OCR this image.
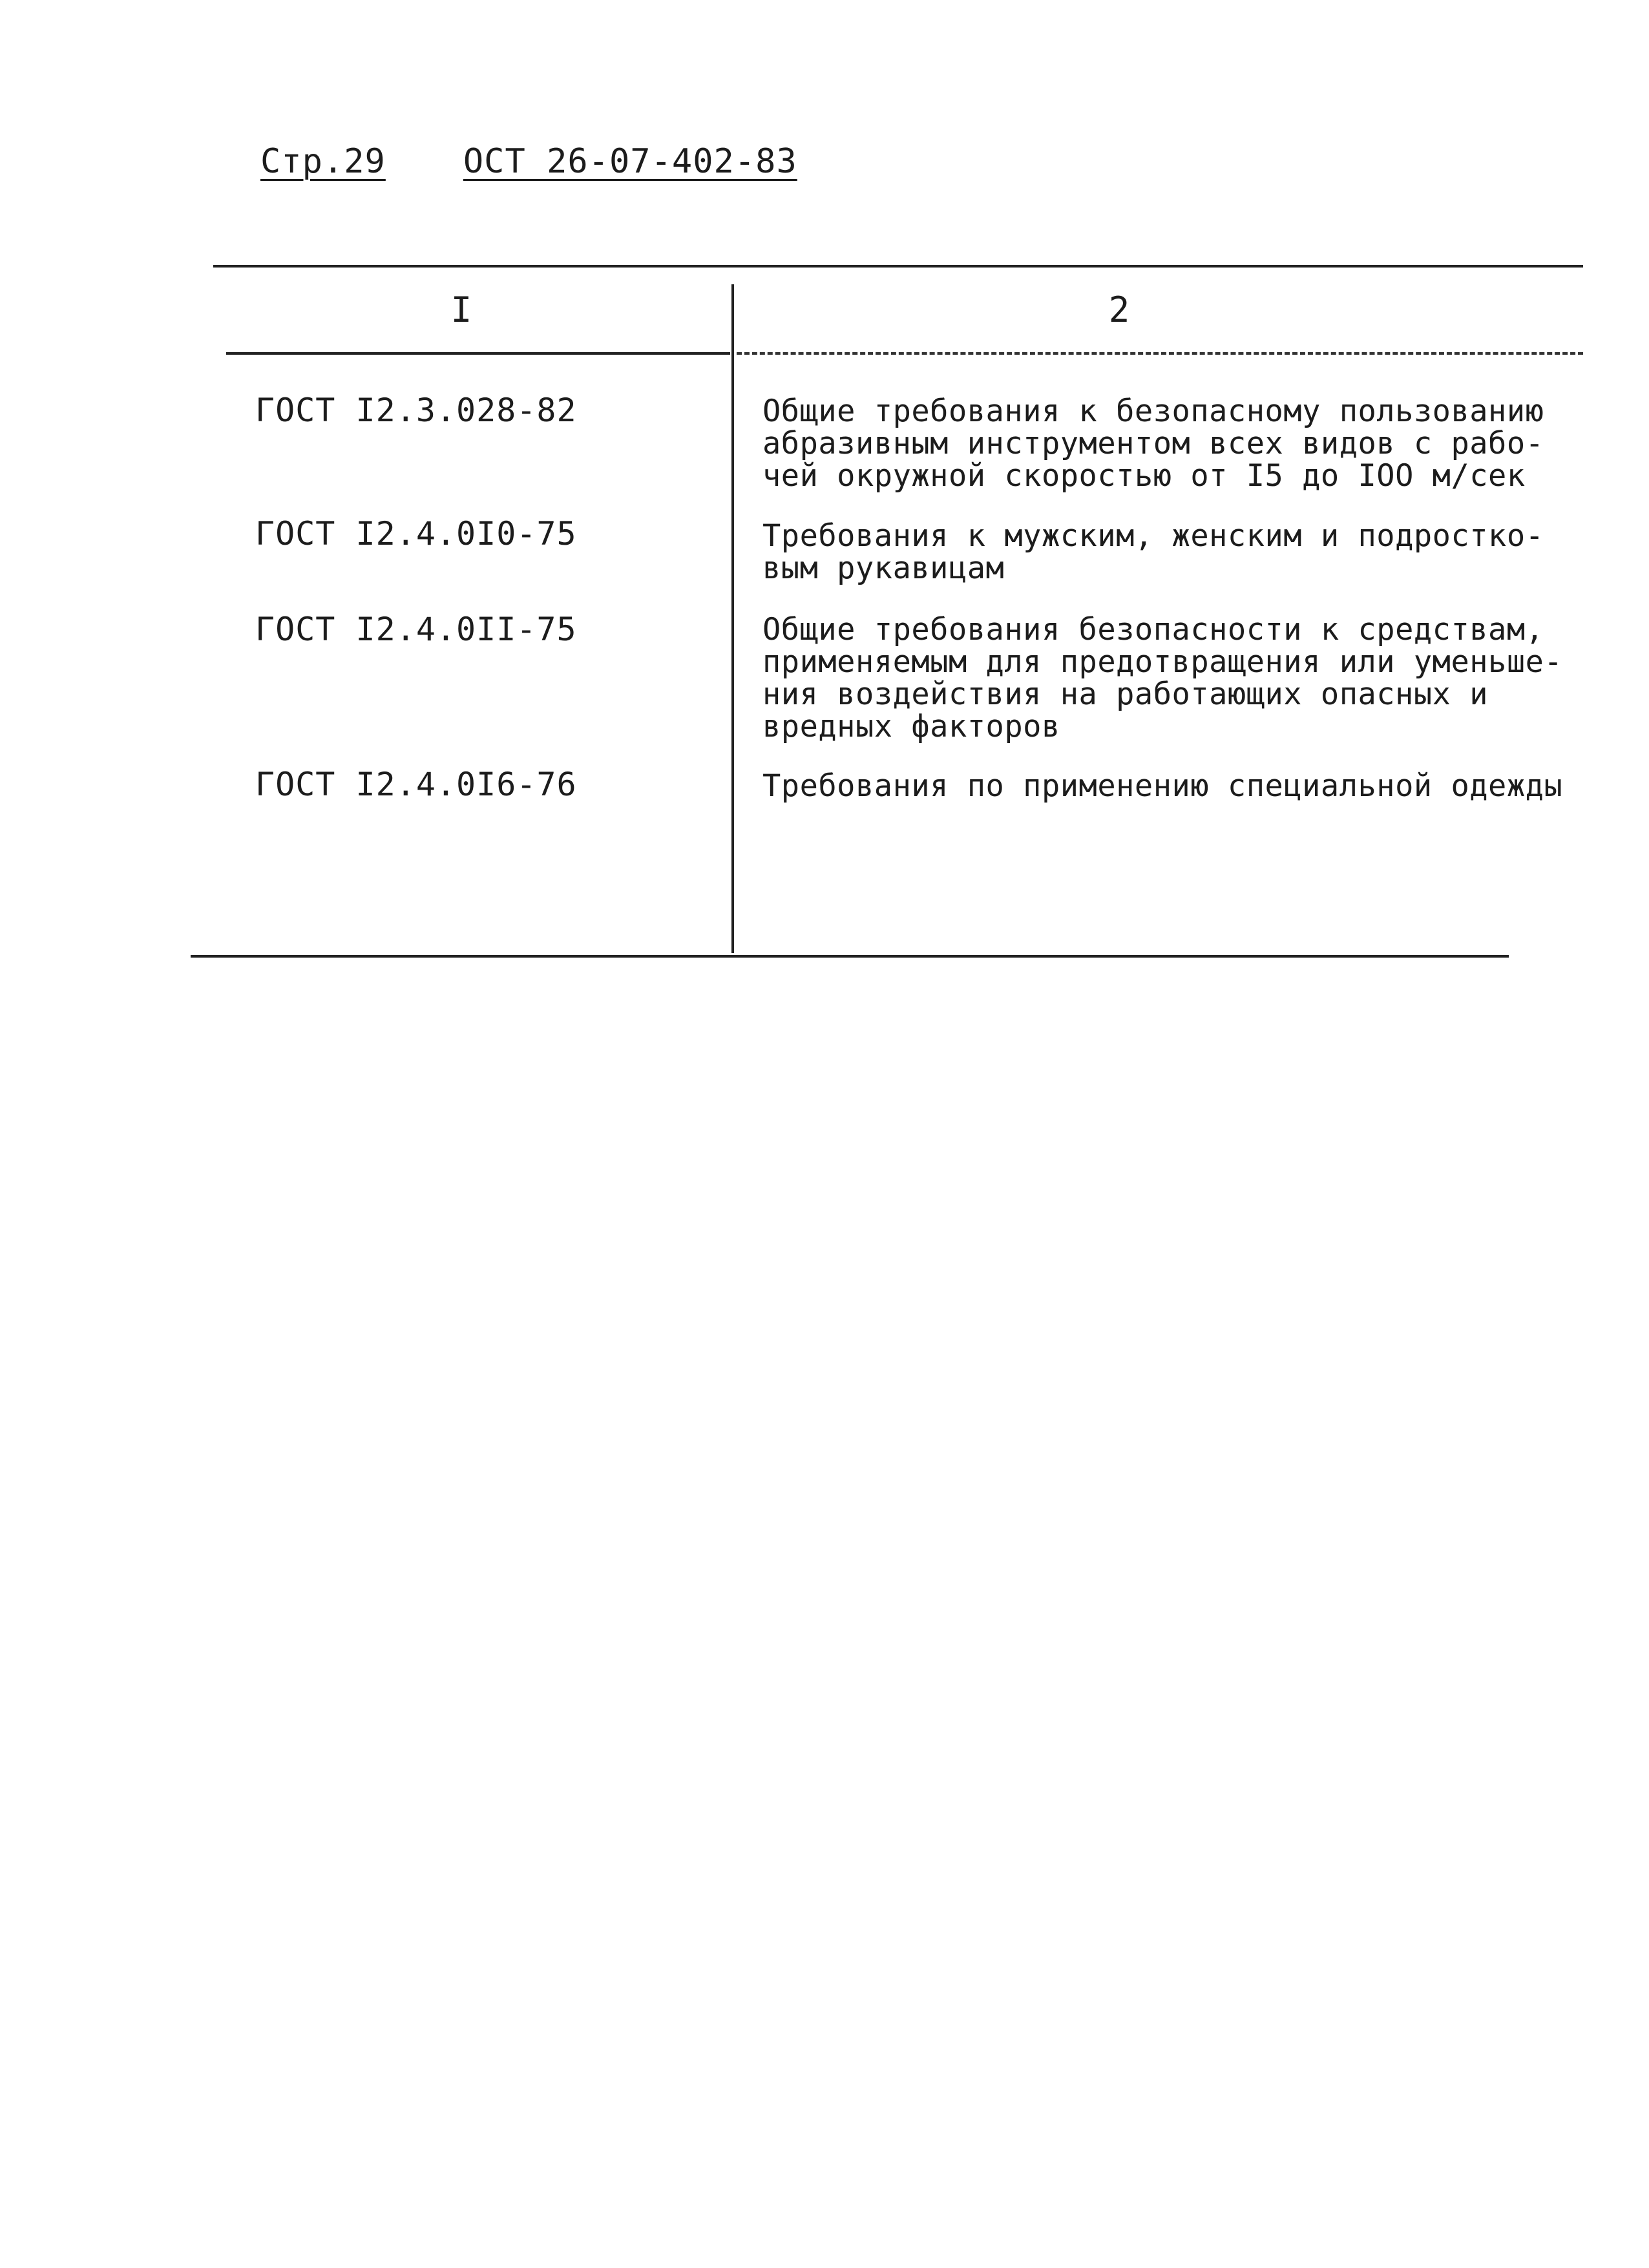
Стр.29 ОСТ 26-07-402-83
I	2
ГОСТ I2.3.028-82	Общие требования к безопасному пользованию
абразивным инструментом всех видов с рабо-
чей окружной скоростью от I5 до IOO м/сек
ГОСТ I2.4.0I0-75	Требования к мужским, женским и подростко-
вым рукавицам
ГОСТ I2.4.0II-75	Общие требования безопасности к средствам,
применяемым для предотвращения или уменьше-
ния воздействия на работающих опасных и
вредных факторов
ГОСТ I2.4.0I6-76	Требования по применению специальной одежды
